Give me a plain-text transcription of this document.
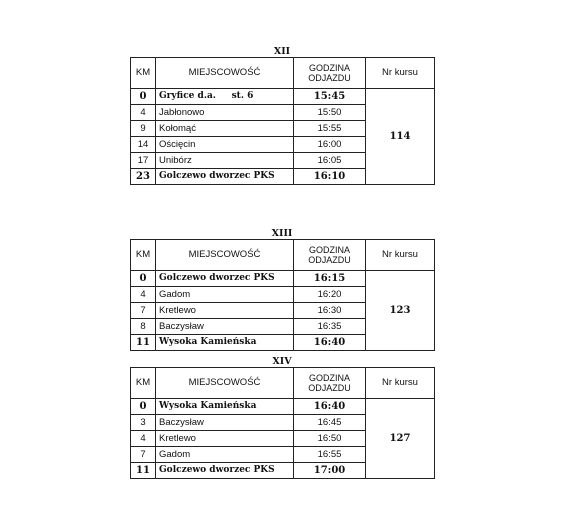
XII
KM	MIEJSCOWOŚĆ	GODZINA
ODJAZDU	Nr kursu
0	Gryfice d.a.     st. 6	15:45	114
4	Jabłonowo	15:50	
9	Kołomąć	15:55	
14	Ościęcin	16:00	
17	Unibórz	16:05	
23	Golczewo dworzec PKS	16:10	
XIII
KM	MIEJSCOWOŚĆ	GODZINA
ODJAZDU	Nr kursu
0	Golczewo dworzec PKS	16:15	123
4	Gadom	16:20	
7	Kretlewo	16:30	
8	Baczysław	16:35	
11	Wysoka Kamieńska	16:40	
XIV
KM	MIEJSCOWOŚĆ	GODZINA
ODJAZDU	Nr kursu
0	Wysoka Kamieńska	16:40	127
3	Baczysław	16:45	
4	Kretlewo	16:50	
7	Gadom	16:55	
11	Golczewo dworzec PKS	17:00	
